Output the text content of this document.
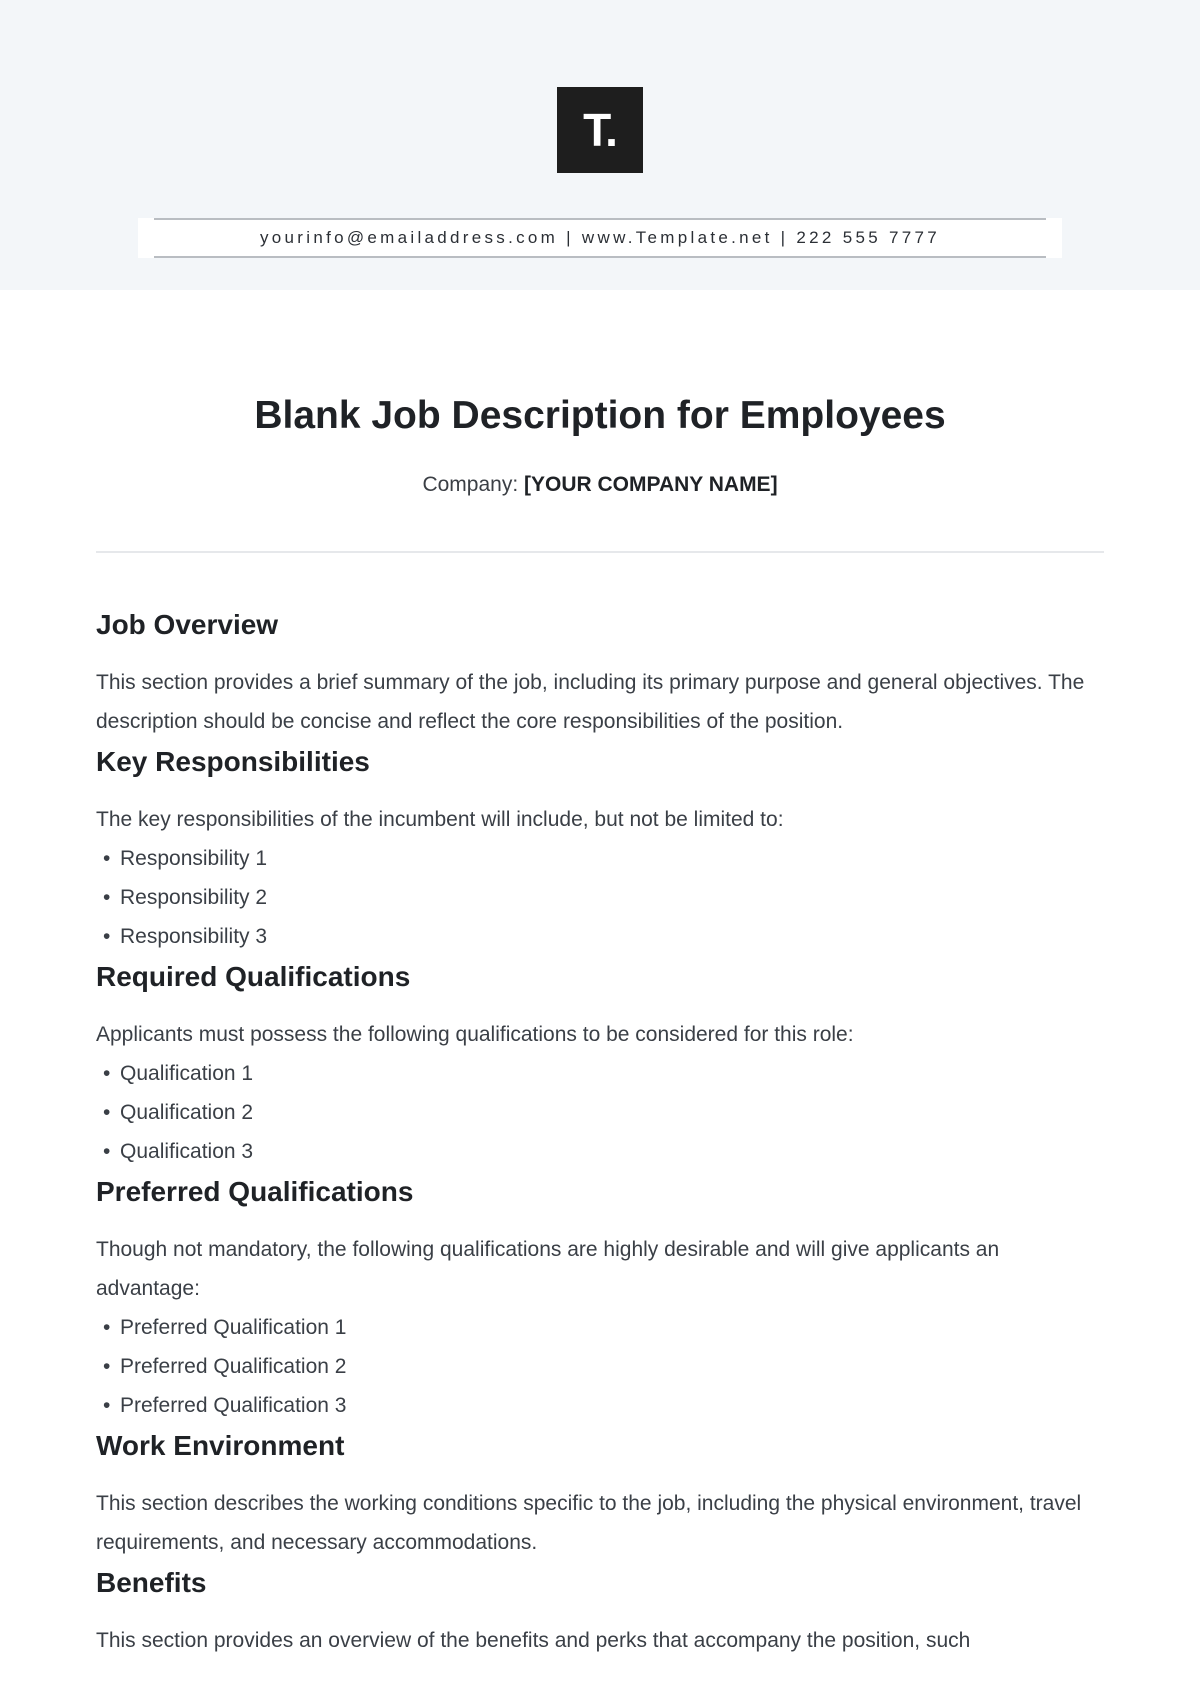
T.
yourinfo@emailaddress.com | www.Template.net | 222 555 7777
Blank Job Description for Employees
Company: [YOUR COMPANY NAME]
Job Overview

This section provides a brief summary of the job, including its primary purpose and general objectives. The description should be concise and reflect the core responsibilities of the position.

Key Responsibilities

The key responsibilities of the incumbent will include, but not be limited to:

• Responsibility 1
• Responsibility 2
• Responsibility 3
Required Qualifications

Applicants must possess the following qualifications to be considered for this role:

• Qualification 1
• Qualification 2
• Qualification 3
Preferred Qualifications

Though not mandatory, the following qualifications are highly desirable and will give applicants an advantage:

• Preferred Qualification 1
• Preferred Qualification 2
• Preferred Qualification 3
Work Environment

This section describes the working conditions specific to the job, including the physical environment, travel requirements, and necessary accommodations.

Benefits

This section provides an overview of the benefits and perks that accompany the position, such
